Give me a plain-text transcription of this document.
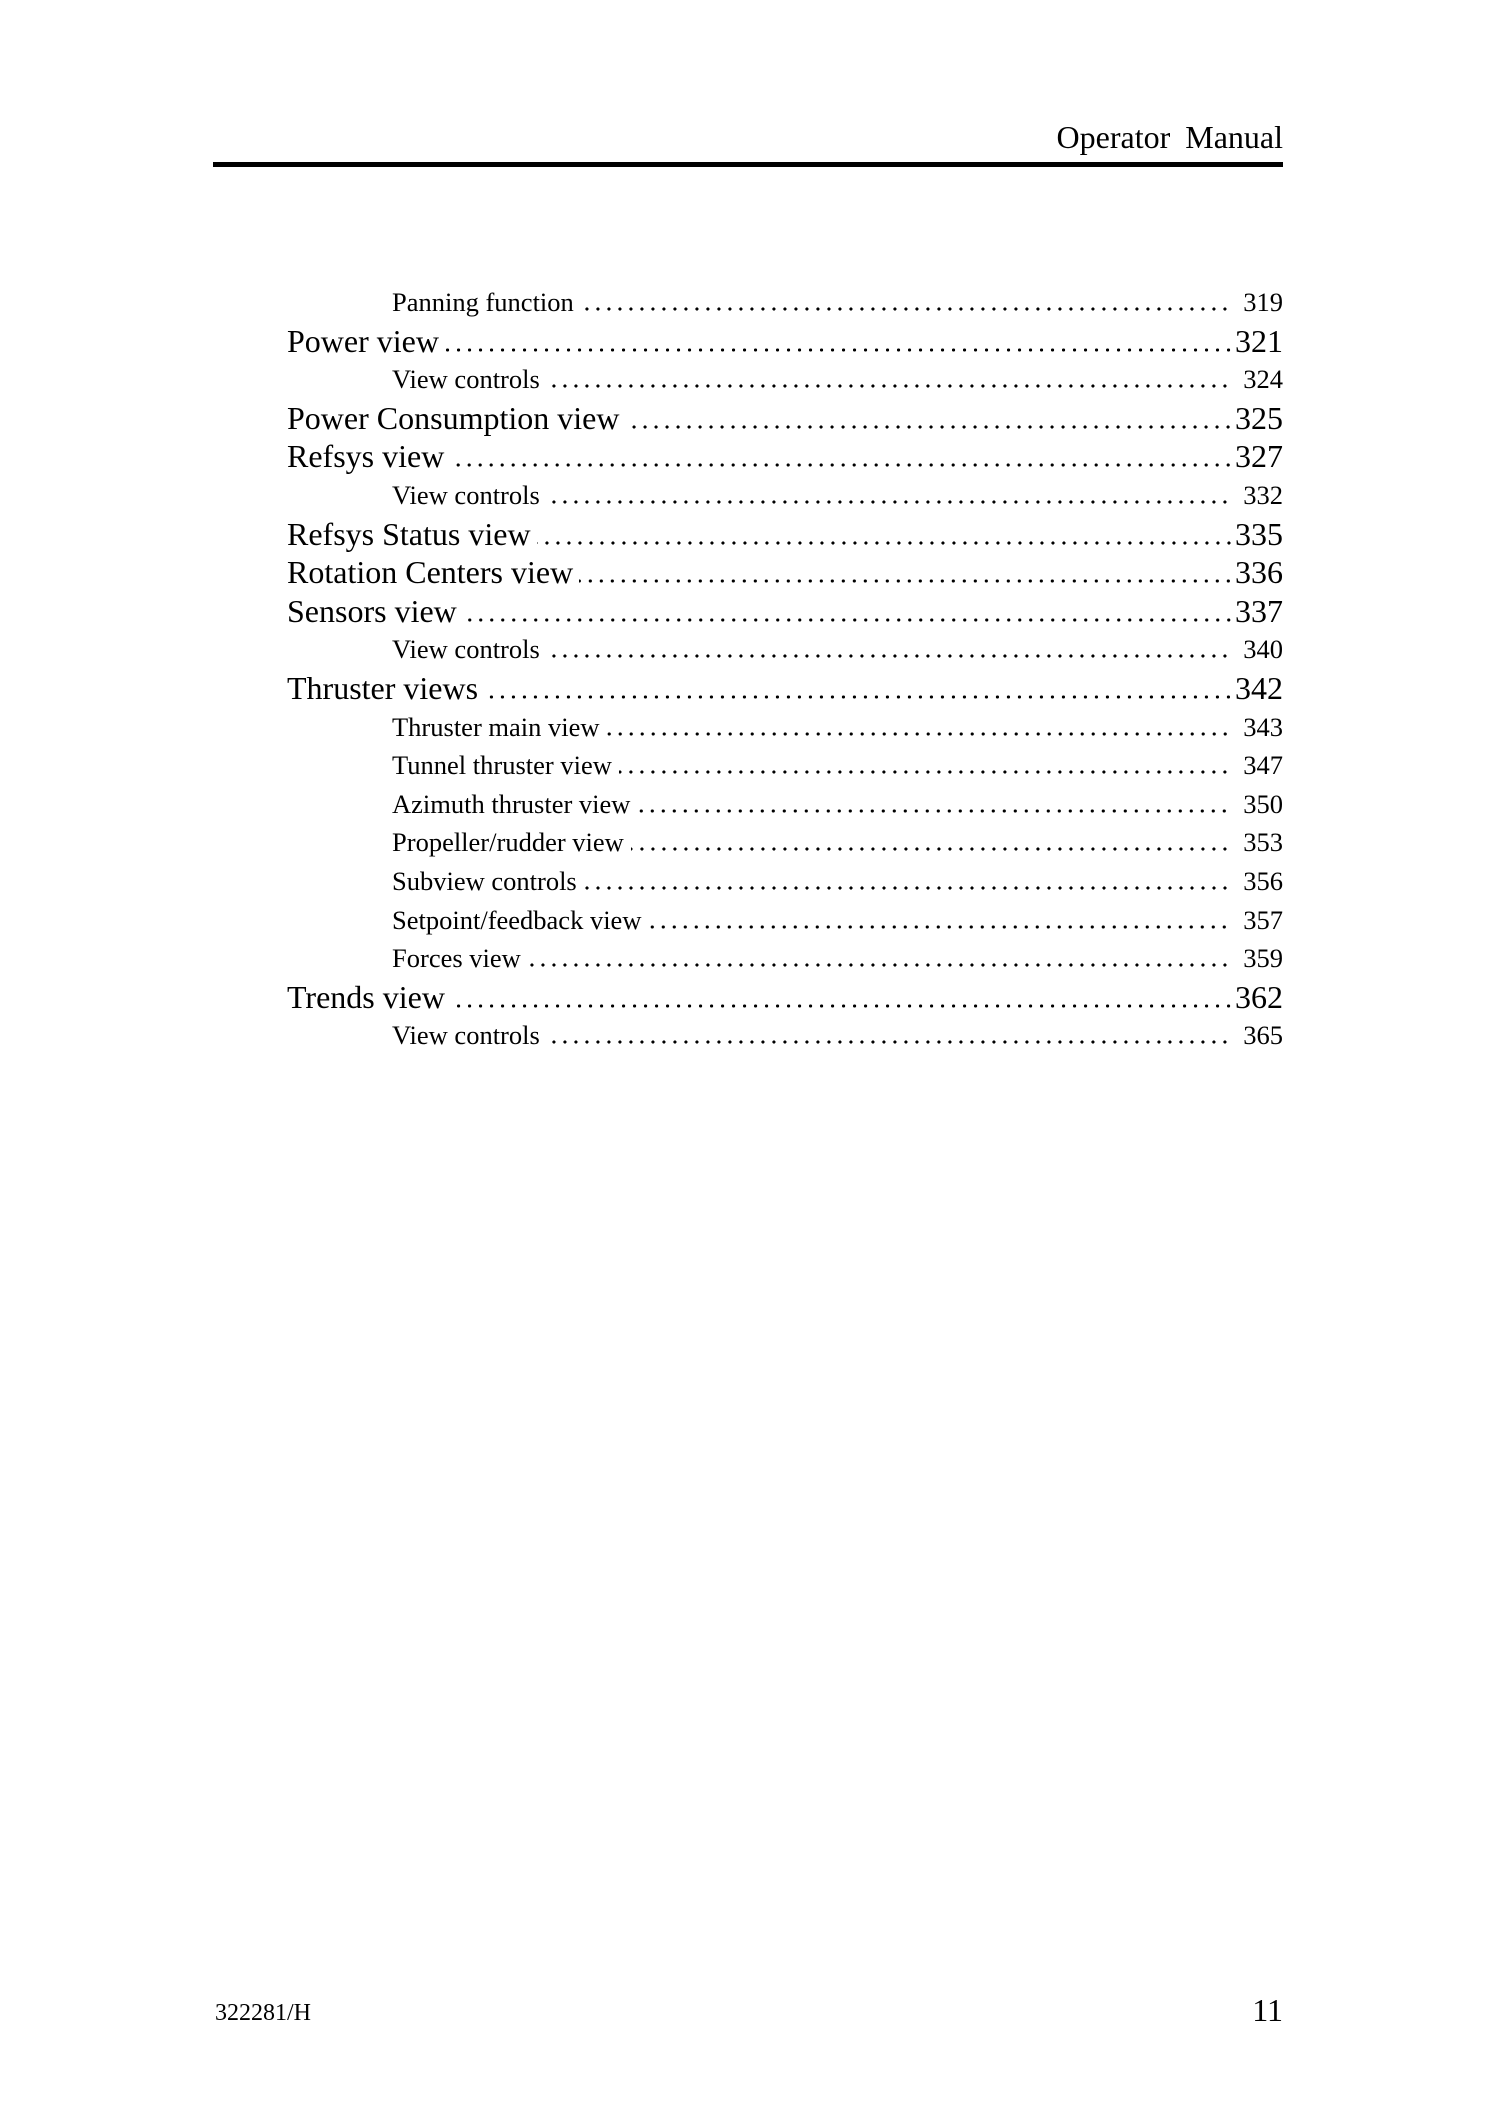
Operator Manual
Panning function	319
Power view	321
View controls	324
Power Consumption view	325
Refsys view	327
View controls	332
Refsys Status view	335
Rotation Centers view	336
Sensors view	337
View controls	340
Thruster views	342
Thruster main view	343
Tunnel thruster view	347
Azimuth thruster view	350
Propeller/rudder view	353
Subview controls	356
Setpoint/feedback view	357
Forces view	359
Trends view	362
View controls	365
322281/H	11
